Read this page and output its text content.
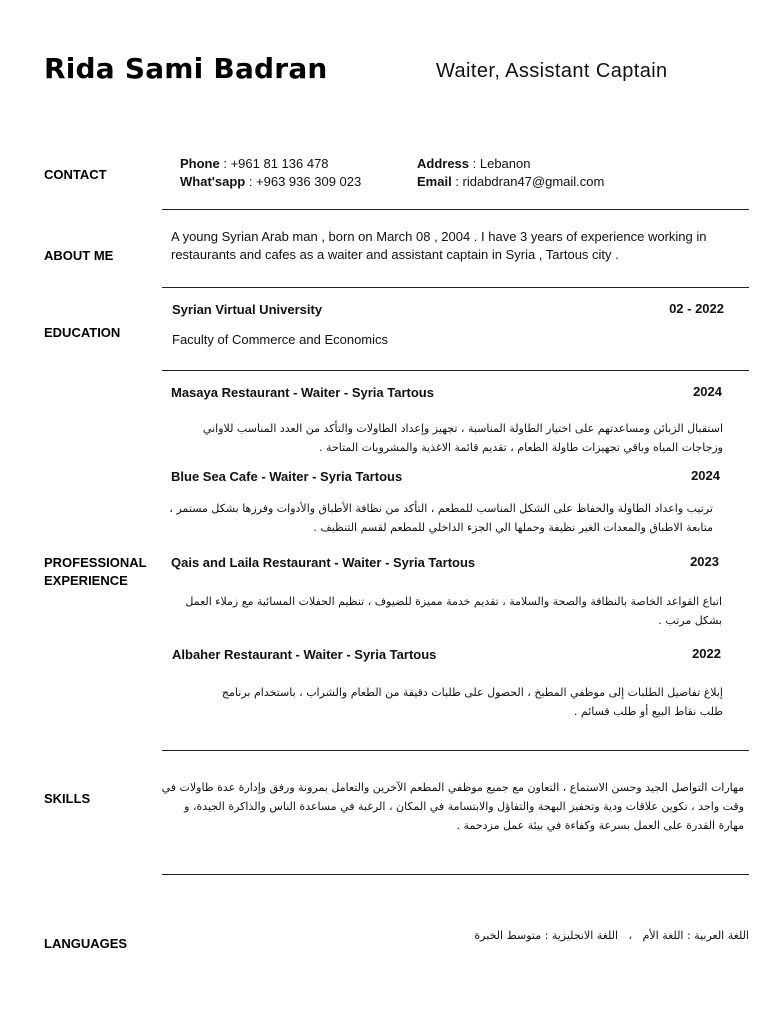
Rida Sami Badran	Waiter, Assistant Captain
CONTACT
Phone : +961 81 136 478
What'sapp : +963 936 309 023
Address : Lebanon
Email : ridabdran47@gmail.com
ABOUT ME
A young Syrian Arab man , born on March 08 , 2004 . I have 3 years of experience working in
restaurants and cafes as a waiter and assistant captain in Syria , Tartous city .
EDUCATION
Syrian Virtual University	02 - 2022
Faculty of Commerce and Economics
PROFESSIONAL
EXPERIENCE
Masaya Restaurant - Waiter - Syria Tartous	2024
استقبال الزبائن ومساعدتهم على اختيار الطاولة المناسبة ، تجهيز وإعداد الطاولات والتأكد من العدد المناسب للاواني وزجاجات المياه وباقي تجهيزات طاولة الطعام ، تقديم قائمة الاغذية والمشروبات المتاحة .
Blue Sea Cafe - Waiter - Syria Tartous	2024
ترتيب واعداد الطاولة والحفاظ على الشكل المناسب للمطعم ، التأكد من نظافة الأطباق والأدوات وفرزها بشكل مستمر ، متابعة الاطباق والمعدات الغير نظيفة وحملها الي الجزء الداخلي للمطعم لقسم التنظيف .
Qais and Laila Restaurant - Waiter - Syria Tartous	2023
اتباع القواعد الخاصة بالنظافة والصحة والسلامة ، تقديم خدمة مميزة للضيوف ، تنظيم الحفلات المسائية مع زملاء العمل بشكل مرتب .
Albaher Restaurant - Waiter - Syria Tartous	2022
إبلاغ تفاصيل الطلبات إلى موظفي المطبخ ، الحصول على طلبات دقيقة من الطعام والشراب ، باستخدام برنامج طلب نقاط البيع أو طلب قسائم .
SKILLS
مهارات التواصل الجيد وحسن الاستماع ، التعاون مع جميع موظفي المطعم الآخرين والتعامل بمرونة ورفق وإدارة عدة طاولات في وقت واحد ، تكوين علاقات ودية وتحفيز البهجة والتفاؤل والابتسامة في المكان ، الرغبة في مساعدة الناس والذاكرة الجيدة، و مهارة القدرة على العمل بسرعة وكفاءة في بيئة عمل مزدحمة .
LANGUAGES
اللغة العربية : اللغة الأم   ،   اللغة الانجليزية : متوسط الخبرة
